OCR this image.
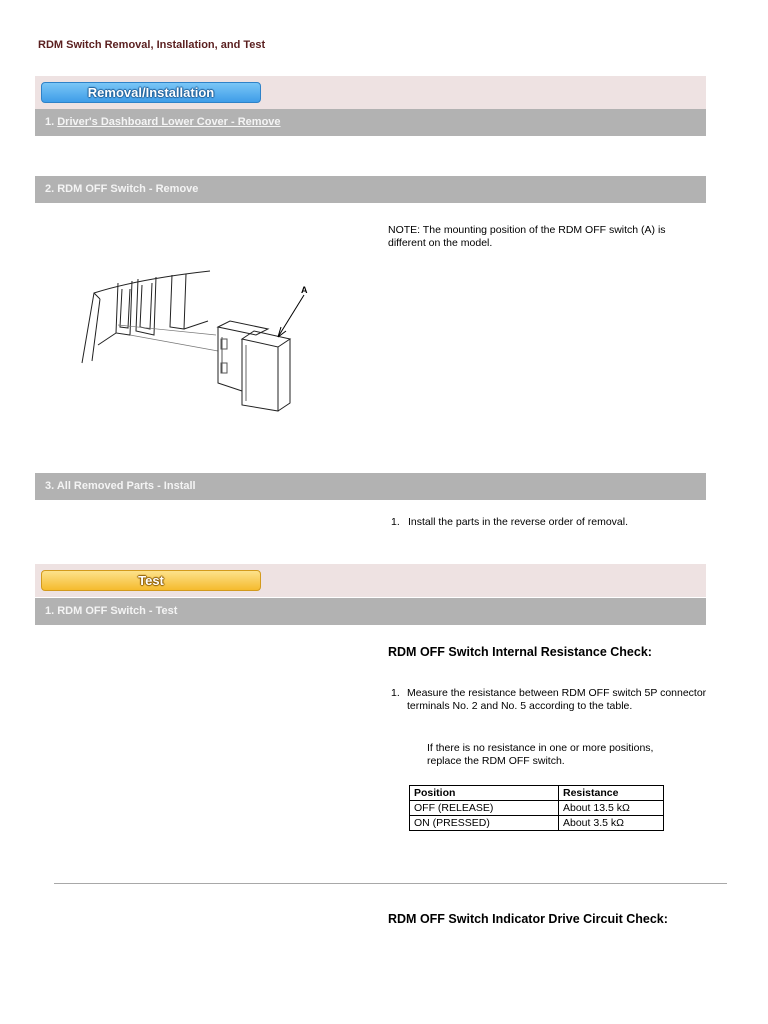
RDM Switch Removal, Installation, and Test
Removal/Installation
1. Driver's Dashboard Lower Cover - Remove
2. RDM OFF Switch - Remove
NOTE: The mounting position of the RDM OFF switch (A) is different on the model.
A
3. All Removed Parts - Install
1. Install the parts in the reverse order of removal.
Test
1. RDM OFF Switch - Test
RDM OFF Switch Internal Resistance Check:
1. Measure the resistance between RDM OFF switch 5P connector terminals No. 2 and No. 5 according to the table.
If there is no resistance in one or more positions, replace the RDM OFF switch.
Position	Resistance
OFF (RELEASE)	About 13.5 kΩ
ON (PRESSED)	About 3.5 kΩ
RDM OFF Switch Indicator Drive Circuit Check:
